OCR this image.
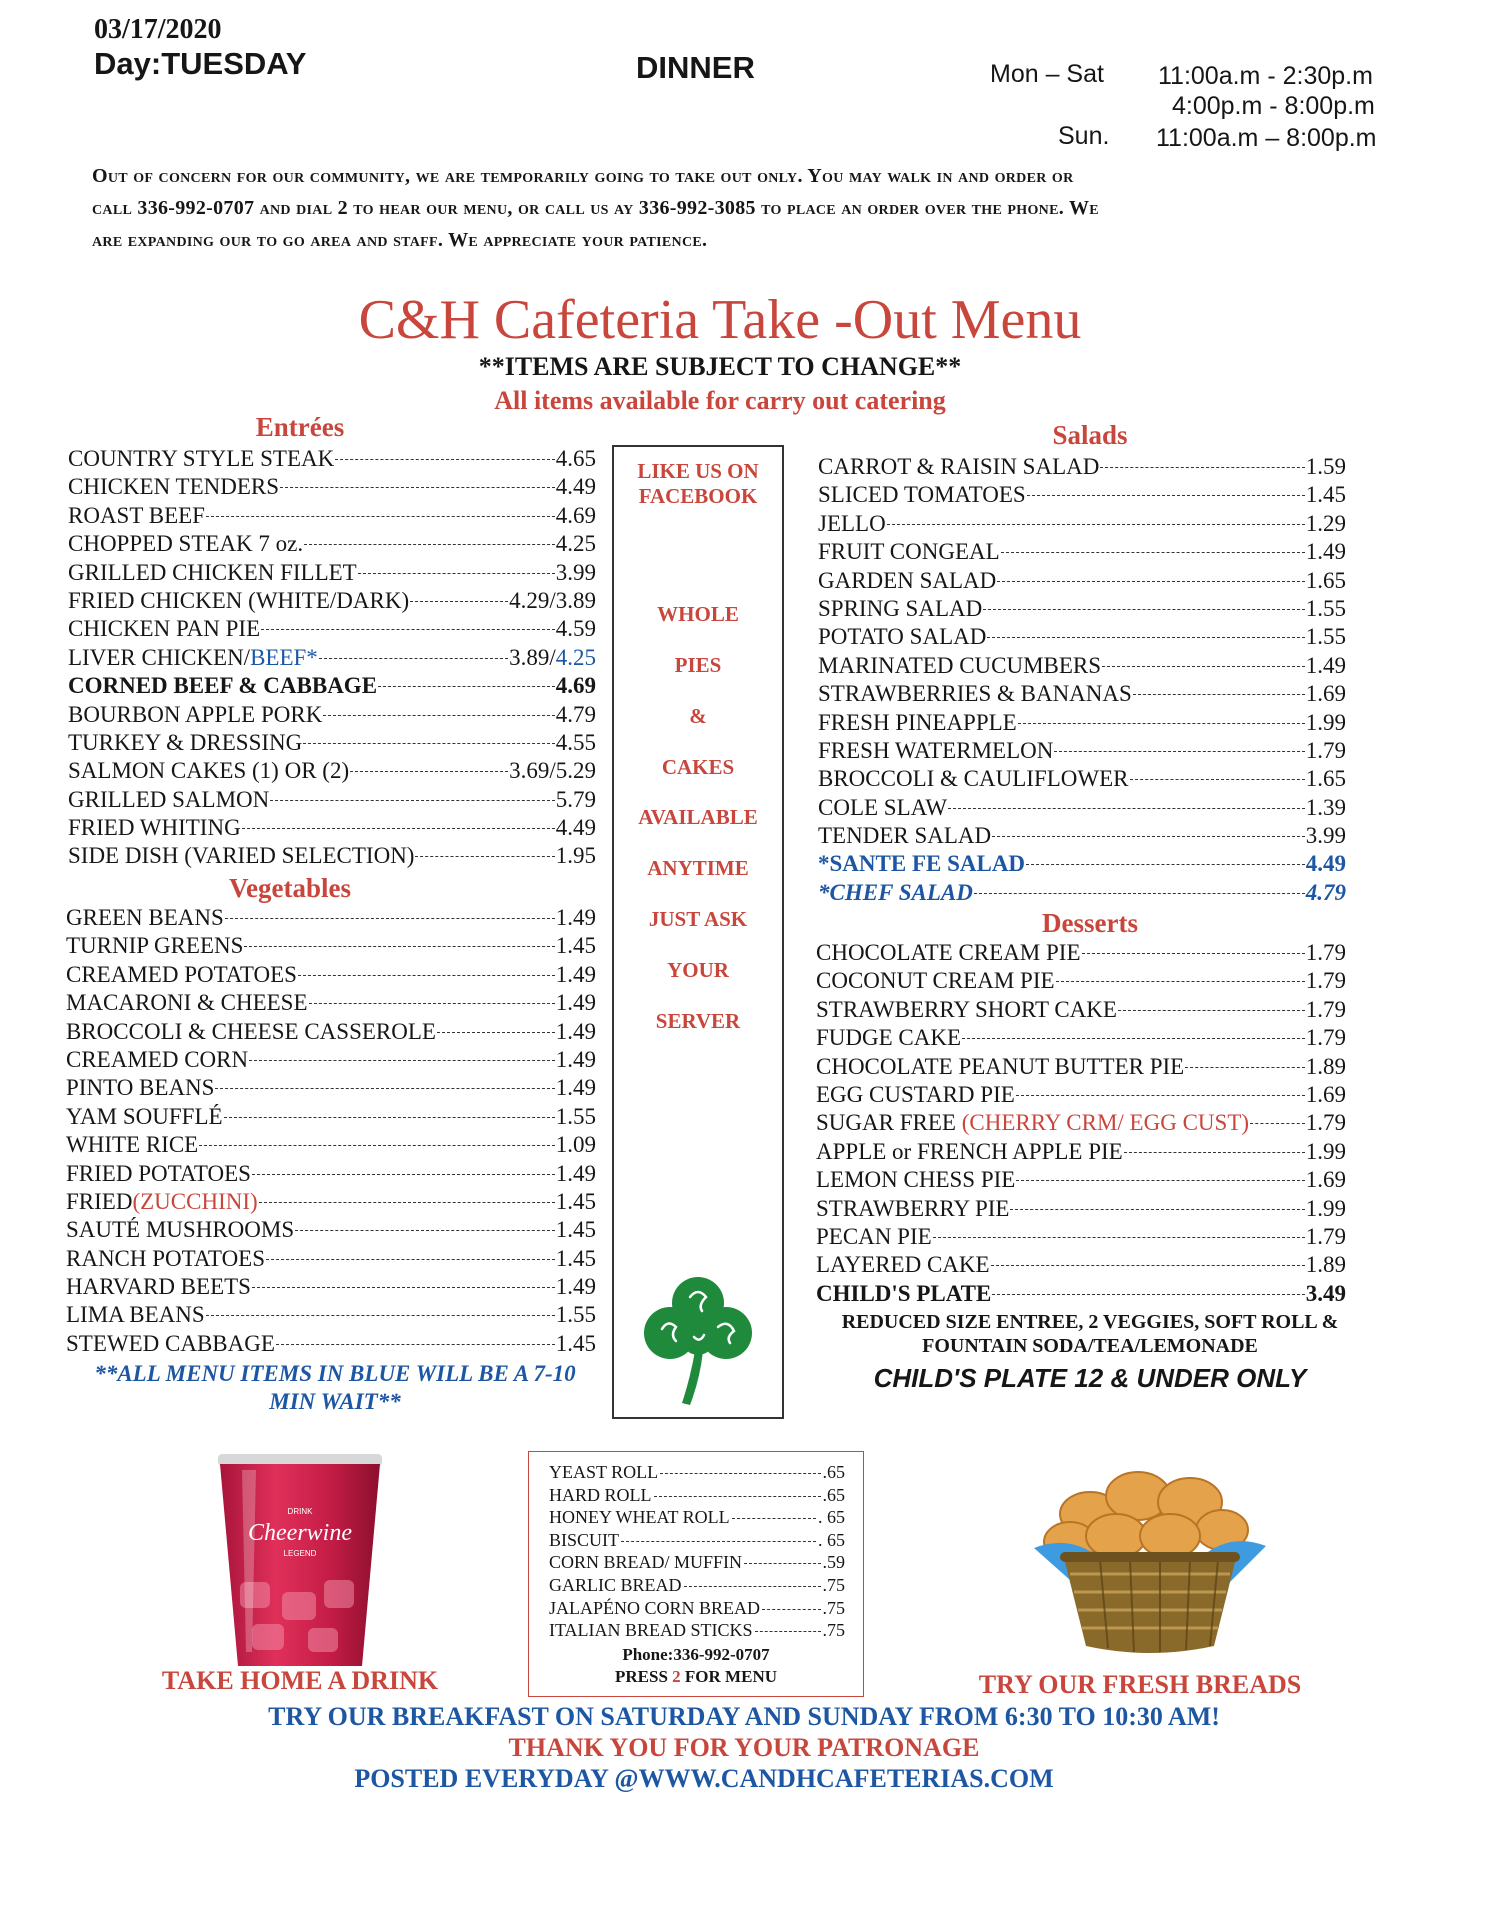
03/17/2020
Day:TUESDAY	DINNER	Mon – Sat 11:00a.m - 2:30p.m
4:00p.m - 8:00p.m
Sun. 11:00a.m – 8:00p.m
Out of concern for our community, we are temporarily going to take out only. You may walk in and order or
call 336-992-0707 and dial 2 to hear our menu, or call us ay 336-992-3085 to place an order over the phone. We
are expanding our to go area and staff. We appreciate your patience.
C&H Cafeteria Take -Out Menu
**ITEMS ARE SUBJECT TO CHANGE**
All items available for carry out catering
Entrées
COUNTRY STYLE STEAK	4.65
CHICKEN TENDERS	4.49
ROAST BEEF	4.69
CHOPPED STEAK 7 oz.	4.25
GRILLED CHICKEN FILLET	3.99
FRIED CHICKEN (WHITE/DARK)	4.29/3.89
CHICKEN PAN PIE	4.59
LIVER CHICKEN/BEEF*	3.89/4.25
CORNED BEEF & CABBAGE	4.69
BOURBON APPLE PORK	4.79
TURKEY & DRESSING	4.55
SALMON CAKES (1) OR (2)	3.69/5.29
GRILLED SALMON	5.79
FRIED WHITING	4.49
SIDE DISH (VARIED SELECTION)	1.95
Vegetables
GREEN BEANS	1.49
TURNIP GREENS	1.45
CREAMED POTATOES	1.49
MACARONI & CHEESE	1.49
BROCCOLI & CHEESE CASSEROLE	1.49
CREAMED CORN	1.49
PINTO BEANS	1.49
YAM SOUFFLÉ	1.55
WHITE RICE	1.09
FRIED POTATOES	1.49
FRIED(ZUCCHINI)	1.45
SAUTÉ MUSHROOMS	1.45
RANCH POTATOES	1.45
HARVARD BEETS	1.49
LIMA BEANS	1.55
STEWED CABBAGE	1.45
**ALL MENU ITEMS IN BLUE WILL BE A 7-10 MIN WAIT**
LIKE US ON
FACEBOOK
WHOLE
PIES
&
CAKES
AVAILABLE
ANYTIME
JUST ASK
YOUR
SERVER
Salads
CARROT & RAISIN SALAD	1.59
SLICED TOMATOES	1.45
JELLO	1.29
FRUIT CONGEAL	1.49
GARDEN SALAD	1.65
SPRING SALAD	1.55
POTATO SALAD	1.55
MARINATED CUCUMBERS	1.49
STRAWBERRIES & BANANAS	1.69
FRESH PINEAPPLE	1.99
FRESH WATERMELON	1.79
BROCCOLI & CAULIFLOWER	1.65
COLE SLAW	1.39
TENDER SALAD	3.99
*SANTE FE SALAD	4.49
*CHEF SALAD	4.79
Desserts
CHOCOLATE CREAM PIE	1.79
COCONUT CREAM PIE	1.79
STRAWBERRY SHORT CAKE	1.79
FUDGE CAKE	1.79
CHOCOLATE PEANUT BUTTER PIE	1.89
EGG CUSTARD PIE	1.69
SUGAR FREE (CHERRY CRM/ EGG CUST) 1.79
APPLE or FRENCH APPLE PIE	1.99
LEMON CHESS PIE	1.69
STRAWBERRY PIE	1.99
PECAN PIE	1.79
LAYERED CAKE	1.89
CHILD'S PLATE	3.49
REDUCED SIZE ENTREE, 2 VEGGIES, SOFT ROLL &
FOUNTAIN SODA/TEA/LEMONADE
CHILD'S PLATE 12 & UNDER ONLY
YEAST ROLL	.65
HARD ROLL	.65
HONEY WHEAT ROLL	. 65
BISCUIT	. 65
CORN BREAD/ MUFFIN	.59
GARLIC BREAD	.75
JALAPÉNO CORN BREAD	.75
ITALIAN BREAD STICKS	.75
Phone:336-992-0707
PRESS 2 FOR MENU
DRINK
Cheerwine
LEGEND
TAKE HOME A DRINK	TRY OUR FRESH BREADS
TRY OUR BREAKFAST ON SATURDAY AND SUNDAY FROM 6:30 TO 10:30 AM!
THANK YOU FOR YOUR PATRONAGE
POSTED EVERYDAY @WWW.CANDHCAFETERIAS.COM
